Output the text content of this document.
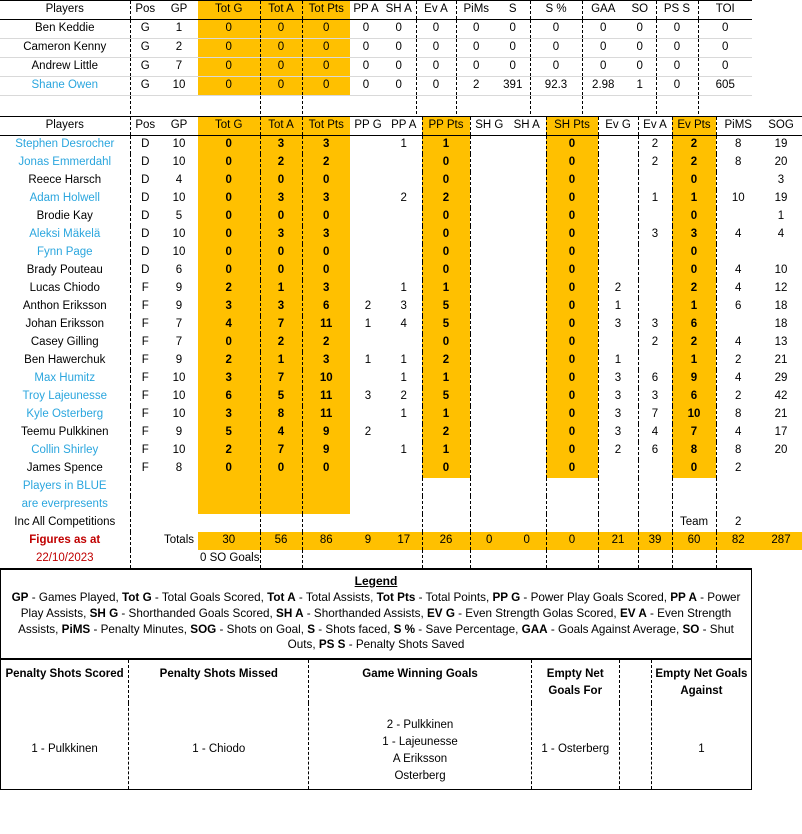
Players	Pos	GP	Tot G	Tot A	Tot Pts	PP A	SH A	Ev A	PiMs	S	S %	GAA	SO	PS S	TOI
Ben Keddie	G	1	0	0	0	0	0	0	0	0	0	0	0	0	0
Cameron Kenny	G	2	0	0	0	0	0	0	0	0	0	0	0	0	0
Andrew Little	G	7	0	0	0	0	0	0	0	0	0	0	0	0	0
Shane Owen	G	10	0	0	0	0	0	0	2	391	92.3	2.98	1	0	605

Players	Pos	GP	Tot G	Tot A	Tot Pts	PP G	PP A	PP Pts	SH G	SH A	SH Pts	Ev G	Ev A	Ev Pts	PiMS	SOG
Stephen Desrocher	D	10	0	3	3		1	1			0		2	2	8	19
Jonas Emmerdahl	D	10	0	2	2			0			0		2	2	8	20
Reece Harsch	D	4	0	0	0			0			0			0		3
Adam Holwell	D	10	0	3	3		2	2			0		1	1	10	19
Brodie Kay	D	5	0	0	0			0			0			0		1
Aleksi Mäkelä	D	10	0	3	3			0			0		3	3	4	4
Fynn Page	D	10	0	0	0			0			0			0		
Brady Pouteau	D	6	0	0	0			0			0			0	4	10
Lucas Chiodo	F	9	2	1	3		1	1			0	2		2	4	12
Anthon Eriksson	F	9	3	3	6	2	3	5			0	1		1	6	18
Johan Eriksson	F	7	4	7	11	1	4	5			0	3	3	6		18
Casey Gilling	F	7	0	2	2			0			0		2	2	4	13
Ben Hawerchuk	F	9	2	1	3	1	1	2			0	1		1	2	21
Max Humitz	F	10	3	7	10		1	1			0	3	6	9	4	29
Troy Lajeunesse	F	10	6	5	11	3	2	5			0	3	3	6	2	42
Kyle Osterberg	F	10	3	8	11		1	1			0	3	7	10	8	21
Teemu Pulkkinen	F	9	5	4	9	2		2			0	3	4	7	4	17
Collin Shirley	F	10	2	7	9		1	1			0	2	6	8	8	20
James Spence	F	8	0	0	0			0			0			0	2	
Players in BLUE																
are everpresents																
Inc All Competitions														Team	2	
Figures as at		Totals	30	56	86	9	17	26	0	0	0	21	39	60	82	287
22/10/2023			0 SO Goals													
Legend
GP - Games Played, Tot G - Total Goals Scored, Tot A - Total Assists, Tot Pts - Total Points, PP G - Power Play Goals Scored, PP A - Power Play Assists, SH G - Shorthanded Goals Scored, SH A - Shorthanded Assists, EV G - Even Strength Golas Scored, EV A - Even Strength Assists, PiMS - Penalty Minutes, SOG - Shots on Goal, S - Shots faced, S % - Save Percentage, GAA - Goals Against Average, SO - Shut Outs, PS S - Penalty Shots Saved
Penalty Shots Scored	Penalty Shots Missed	Game Winning Goals	Empty Net Goals For		Empty Net Goals Against
1 - Pulkkinen	1 - Chiodo	2 - Pulkkinen
1 - Lajeunesse
A Eriksson
Osterberg	1 - Osterberg		1
